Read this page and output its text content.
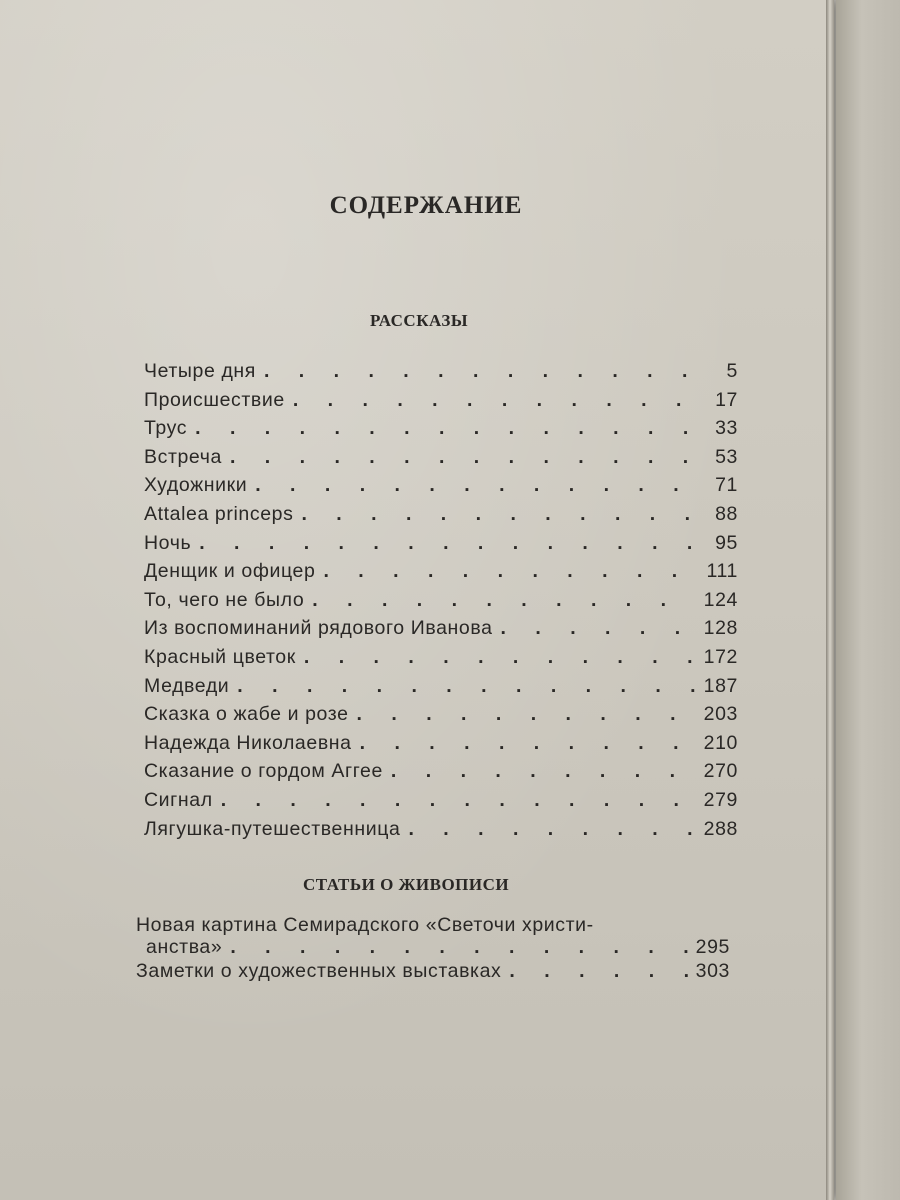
СОДЕРЖАНИЕ
РАССКАЗЫ
Четыре дня . . .	5
Происшествие . . .	17
Трус . . .	33
Встреча . . .	53
Художники . . .	71
Attalea princeps . . .	88
Ночь . . .	95
Денщик и офицер . . .	111
То, чего не было . . .	124
Из воспоминаний рядового Иванова . . .	128
Красный цветок . . .	172
Медведи . . .	187
Сказка о жабе и розе . . .	203
Надежда Николаевна . . .	210
Сказание о гордом Аггее . . .	270
Сигнал . . .	279
Лягушка-путешественница . . .	288
СТАТЬИ О ЖИВОПИСИ
Новая картина Семирадского «Светочи христи-
анства» . . .	295
Заметки о художественных выставках . . .	303
